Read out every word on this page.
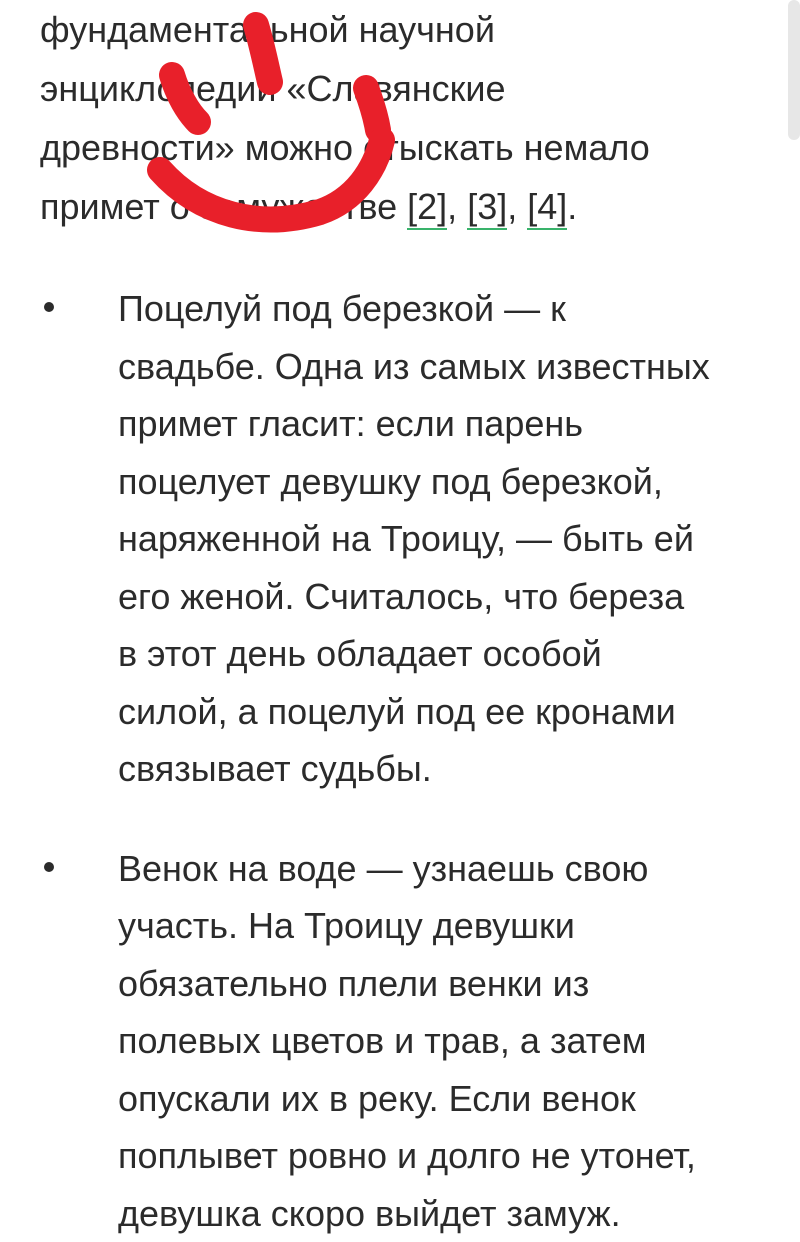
фундаментальной научной
энциклопедии «Славянские
древности» можно отыскать немало
примет о замужестве [2], [3], [4].

Поцелуй под березкой — к
свадьбе. Одна из самых известных
примет гласит: если парень
поцелует девушку под березкой,
наряженной на Троицу, — быть ей
его женой. Считалось, что береза
в этот день обладает особой
силой, а поцелуй под ее кронами
связывает судьбы.
Венок на воде — узнаешь свою
участь. На Троицу девушки
обязательно плели венки из
полевых цветов и трав, а затем
опускали их в реку. Если венок
поплывет ровно и долго не утонет,
девушка скоро выйдет замуж.
